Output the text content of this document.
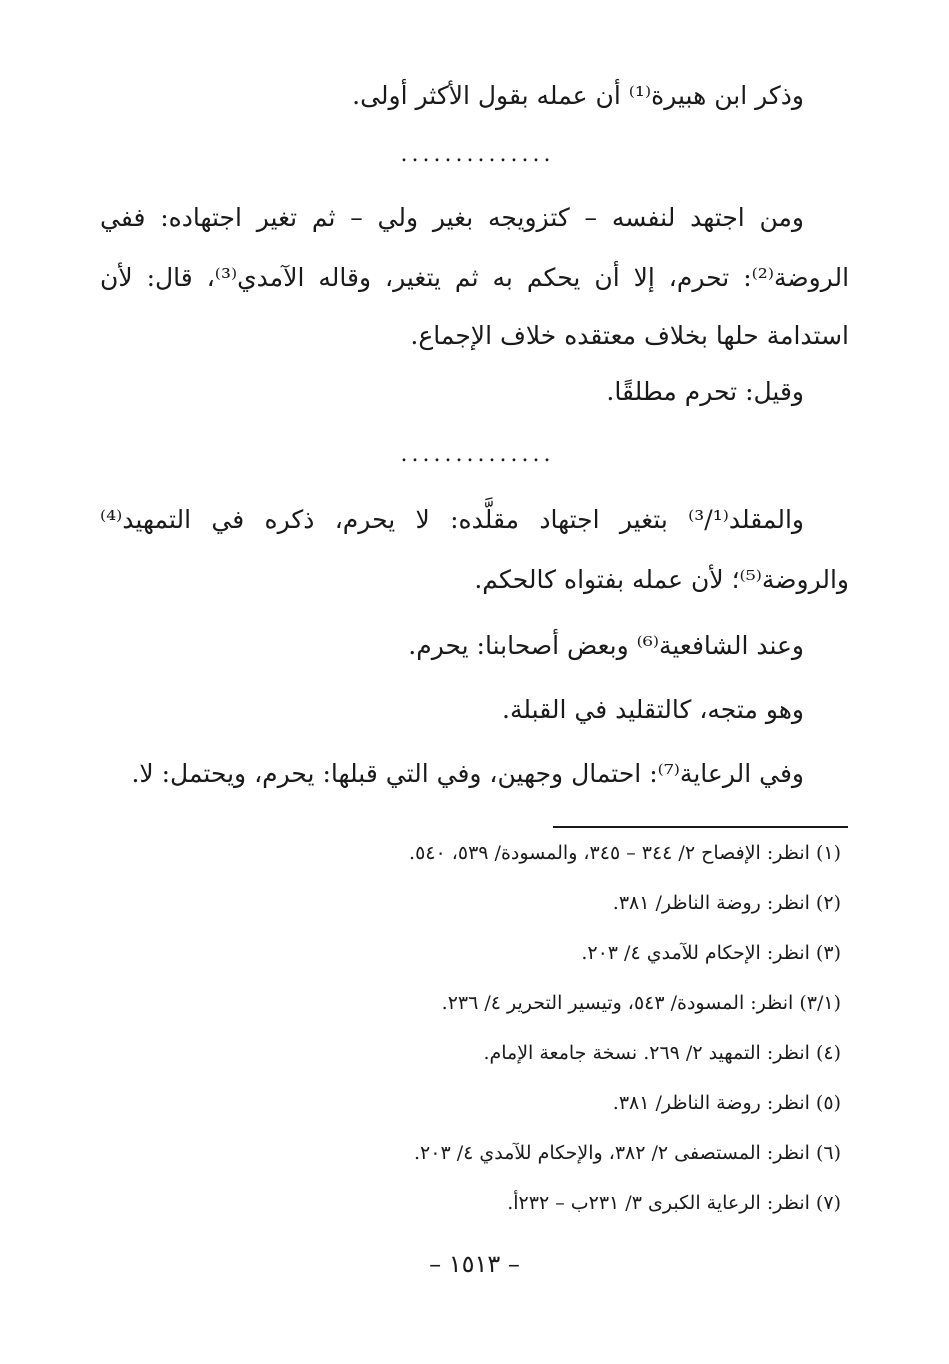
وذكر ابن هبيرة⁽¹⁾ أن عمله بقول الأكثر أولى.
..............
ومن اجتهد لنفسه – كتزويجه بغير ولي – ثم تغير اجتهاده: ففي
الروضة⁽²⁾: تحرم، إلا أن يحكم به ثم يتغير، وقاله الآمدي⁽³⁾، قال: لأن
استدامة حلها بخلاف معتقده خلاف الإجماع.
وقيل: تحرم مطلقًا.
..............
والمقلد⁽³/¹⁾ بتغير اجتهاد مقلَّده: لا يحرم، ذكره في التمهيد⁽⁴⁾
والروضة⁽⁵⁾؛ لأن عمله بفتواه كالحكم.
وعند الشافعية⁽⁶⁾ وبعض أصحابنا: يحرم.
وهو متجه، كالتقليد في القبلة.
وفي الرعاية⁽⁷⁾: احتمال وجهين، وفي التي قبلها: يحرم، ويحتمل: لا.
(١) انظر: الإفصاح ٢/ ٣٤٤ – ٣٤٥، والمسودة/ ٥٣٩، ٥٤٠.
(٢) انظر: روضة الناظر/ ٣٨١.
(٣) انظر: الإحكام للآمدي ٤/ ٢٠٣.
(٣/١) انظر: المسودة/ ٥٤٣، وتيسير التحرير ٤/ ٢٣٦.
(٤) انظر: التمهيد ٢/ ٢٦٩. نسخة جامعة الإمام.
(٥) انظر: روضة الناظر/ ٣٨١.
(٦) انظر: المستصفى ٢/ ٣٨٢، والإحكام للآمدي ٤/ ٢٠٣.
(٧) انظر: الرعاية الكبرى ٣/ ٢٣١ب – ٢٣٢أ.
– ١٥١٣ –
